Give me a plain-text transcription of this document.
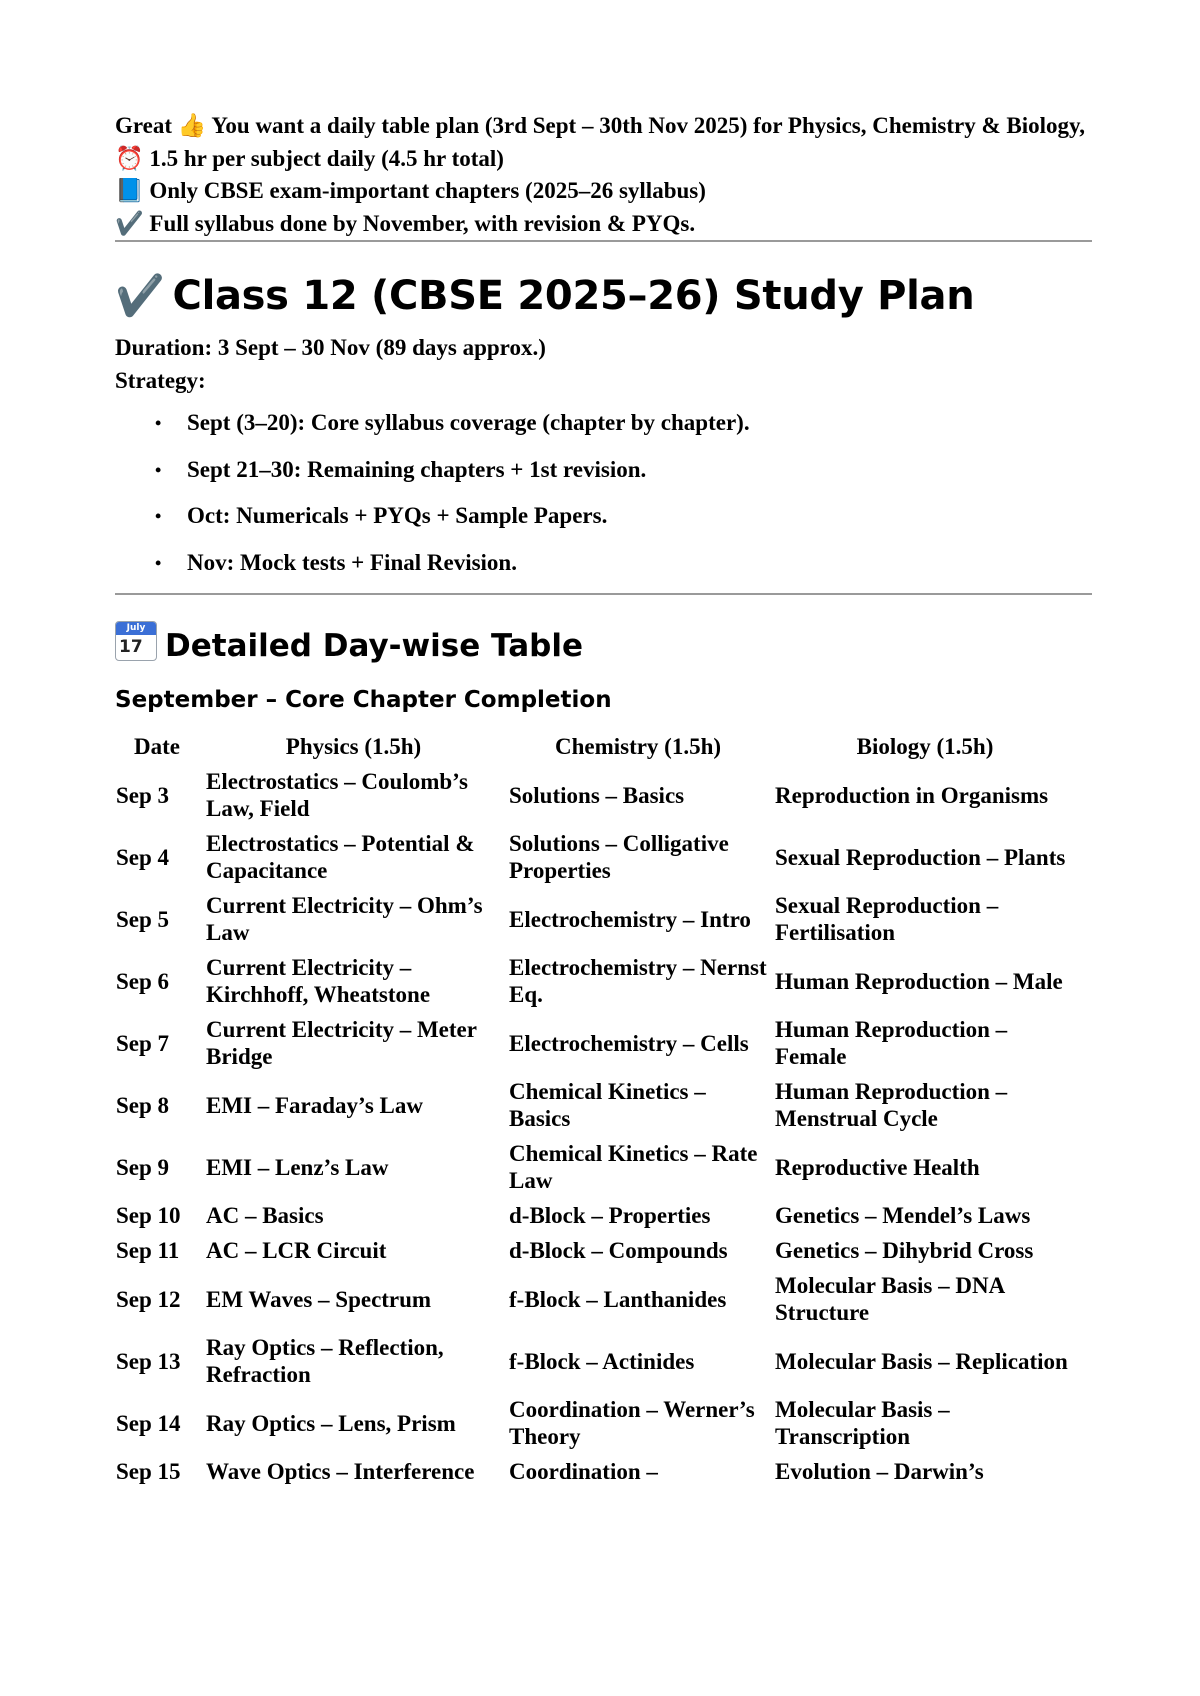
Great 👍 You want a daily table plan (3rd Sept – 30th Nov 2025) for Physics, Chemistry & Biology,

⏰ 1.5 hr per subject daily (4.5 hr total)

📘 Only CBSE exam-important chapters (2025–26 syllabus)

✔️ Full syllabus done by November, with revision & PYQs.

✔️ Class 12 (CBSE 2025–26) Study Plan

Duration: 3 Sept – 30 Nov (89 days approx.)

Strategy:

• Sept (3–20): Core syllabus coverage (chapter by chapter).
• Sept 21–30: Remaining chapters + 1st revision.
• Oct: Numericals + PYQs + Sample Papers.
• Nov: Mock tests + Final Revision.
July
17 Detailed Day-wise Table
September – Core Chapter Completion
Date	Physics (1.5h)	Chemistry (1.5h)	Biology (1.5h)
Sep 3	Electrostatics – Coulomb’s Law, Field	Solutions – Basics	Reproduction in Organisms
Sep 4	Electrostatics – Potential & Capacitance	Solutions – Colligative Properties	Sexual Reproduction – Plants
Sep 5	Current Electricity – Ohm’s Law	Electrochemistry – Intro	Sexual Reproduction – Fertilisation
Sep 6	Current Electricity – Kirchhoff, Wheatstone	Electrochemistry – Nernst Eq.	Human Reproduction – Male
Sep 7	Current Electricity – Meter Bridge	Electrochemistry – Cells	Human Reproduction – Female
Sep 8	EMI – Faraday’s Law	Chemical Kinetics – Basics	Human Reproduction – Menstrual Cycle
Sep 9	EMI – Lenz’s Law	Chemical Kinetics – Rate Law	Reproductive Health
Sep 10	AC – Basics	d-Block – Properties	Genetics – Mendel’s Laws
Sep 11	AC – LCR Circuit	d-Block – Compounds	Genetics – Dihybrid Cross
Sep 12	EM Waves – Spectrum	f-Block – Lanthanides	Molecular Basis – DNA Structure
Sep 13	Ray Optics – Reflection, Refraction	f-Block – Actinides	Molecular Basis – Replication
Sep 14	Ray Optics – Lens, Prism	Coordination – Werner’s Theory	Molecular Basis – Transcription
Sep 15	Wave Optics – Interference	Coordination –	Evolution – Darwin’s
